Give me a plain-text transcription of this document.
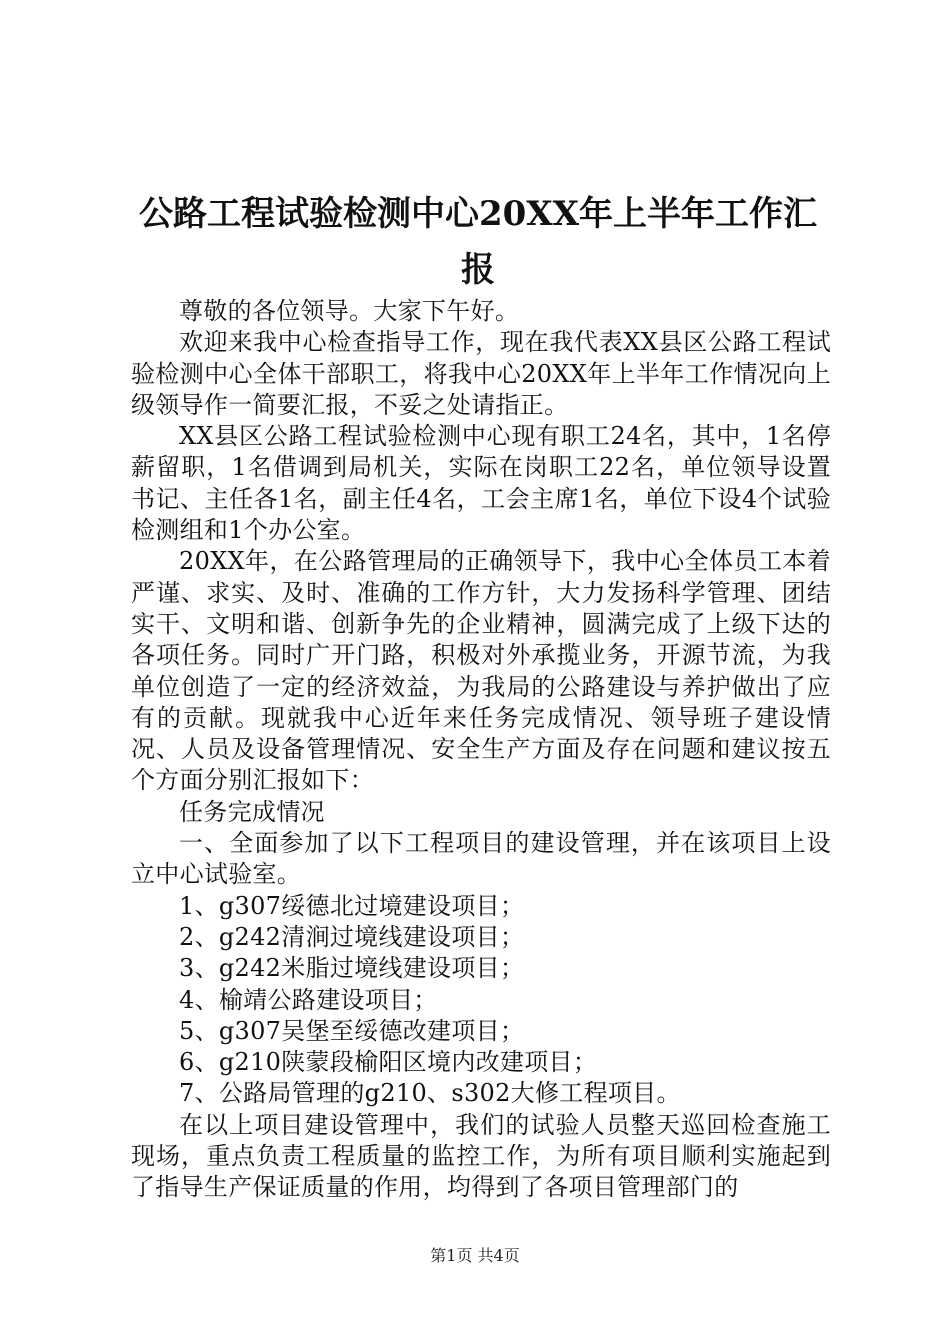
公路工程试验检测中心20XX年上半年工作汇报

尊敬的各位领导。大家下午好。

欢迎来我中心检查指导工作，现在我代表XX县区公路工程试验检测中心全体干部职工，将我中心20XX年上半年工作情况向上级领导作一简要汇报，不妥之处请指正。

XX县区公路工程试验检测中心现有职工24名，其中，1名停薪留职，1名借调到局机关，实际在岗职工22名，单位领导设置书记、主任各1名，副主任4名，工会主席1名，单位下设4个试验检测组和1个办公室。

20XX年，在公路管理局的正确领导下，我中心全体员工本着严谨、求实、及时、准确的工作方针，大力发扬科学管理、团结实干、文明和谐、创新争先的企业精神，圆满完成了上级下达的各项任务。同时广开门路，积极对外承揽业务，开源节流，为我单位创造了一定的经济效益，为我局的公路建设与养护做出了应有的贡献。现就我中心近年来任务完成情况、领导班子建设情况、人员及设备管理情况、安全生产方面及存在问题和建议按五个方面分别汇报如下：

任务完成情况

一、全面参加了以下工程项目的建设管理，并在该项目上设立中心试验室。

1、g307绥德北过境建设项目；

2、g242清涧过境线建设项目；

3、g242米脂过境线建设项目；

4、榆靖公路建设项目；

5、g307吴堡至绥德改建项目；

6、g210陕蒙段榆阳区境内改建项目；

7、公路局管理的g210、s302大修工程项目。

在以上项目建设管理中，我们的试验人员整天巡回检查施工现场，重点负责工程质量的监控工作，为所有项目顺利实施起到了指导生产保证质量的作用，均得到了各项目管理部门的

第1页 共4页
